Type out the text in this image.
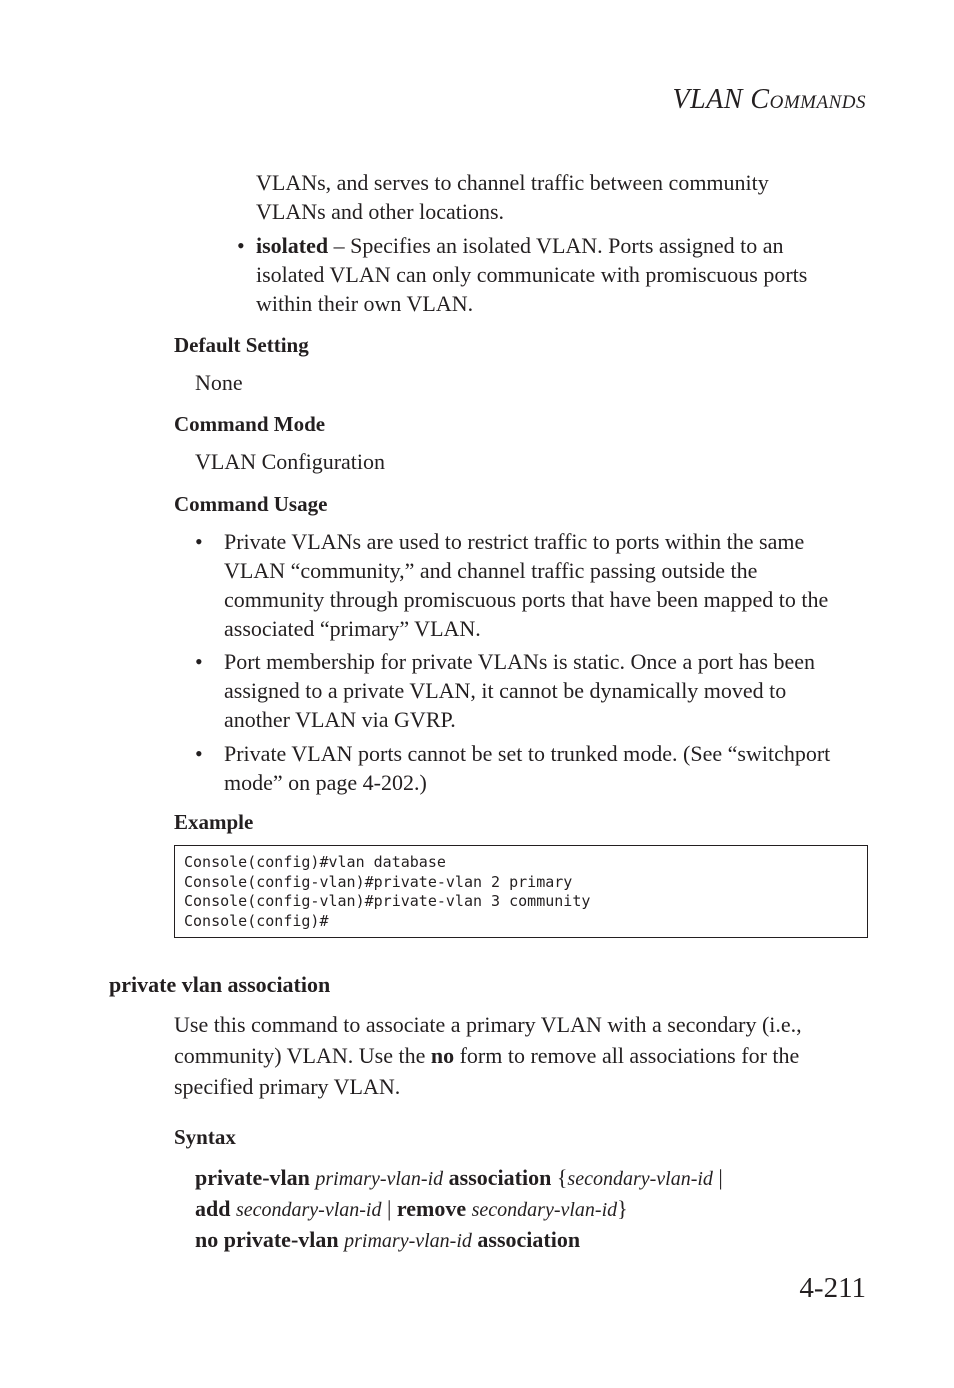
VLAN COMMANDS
VLANs, and serves to channel traffic between community
VLANs and other locations.
• isolated – Specifies an isolated VLAN. Ports assigned to an
isolated VLAN can only communicate with promiscuous ports
within their own VLAN.
Default Setting
None
Command Mode
VLAN Configuration
Command Usage
• Private VLANs are used to restrict traffic to ports within the same
VLAN “community,” and channel traffic passing outside the
community through promiscuous ports that have been mapped to the
associated “primary” VLAN.
• Port membership for private VLANs is static. Once a port has been
assigned to a private VLAN, it cannot be dynamically moved to
another VLAN via GVRP.
• Private VLAN ports cannot be set to trunked mode. (See “switchport
mode” on page 4-202.)
Example
Console(config)#vlan database
Console(config-vlan)#private-vlan 2 primary
Console(config-vlan)#private-vlan 3 community
Console(config)#
private vlan association
Use this command to associate a primary VLAN with a secondary (i.e.,
community) VLAN. Use the no form to remove all associations for the
specified primary VLAN.
Syntax
private-vlan primary-vlan-id association {secondary-vlan-id |
add secondary-vlan-id | remove secondary-vlan-id}
no private-vlan primary-vlan-id association
4-211
